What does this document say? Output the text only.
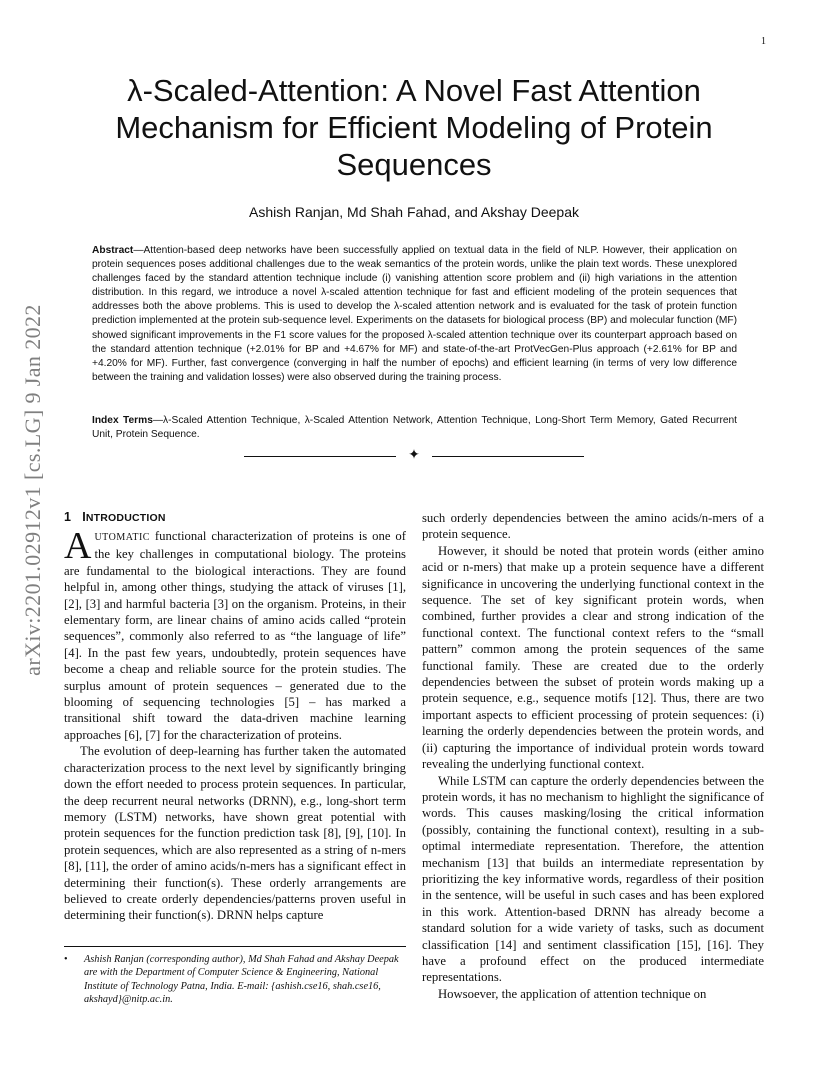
1
arXiv:2201.02912v1 [cs.LG] 9 Jan 2022
λ-Scaled-Attention: A Novel Fast Attention Mechanism for Efficient Modeling of Protein Sequences
Ashish Ranjan, Md Shah Fahad, and Akshay Deepak

Abstract—Attention-based deep networks have been successfully applied on textual data in the field of NLP. However, their application on protein sequences poses additional challenges due to the weak semantics of the protein words, unlike the plain text words. These unexplored challenges faced by the standard attention technique include (i) vanishing attention score problem and (ii) high variations in the attention distribution. In this regard, we introduce a novel λ-scaled attention technique for fast and efficient modeling of the protein sequences that addresses both the above problems. This is used to develop the λ-scaled attention network and is evaluated for the task of protein function prediction implemented at the protein sub-sequence level. Experiments on the datasets for biological process (BP) and molecular function (MF) showed significant improvements in the F1 score values for the proposed λ-scaled attention technique over its counterpart approach based on the standard attention technique (+2.01% for BP and +4.67% for MF) and state-of-the-art ProtVecGen-Plus approach (+2.61% for BP and +4.20% for MF). Further, fast convergence (converging in half the number of epochs) and efficient learning (in terms of very low difference between the training and validation losses) were also observed during the training process.

Index Terms—λ-Scaled Attention Technique, λ-Scaled Attention Network, Attention Technique, Long-Short Term Memory, Gated Recurrent Unit, Protein Sequence.

✦
1 INTRODUCTION

AUTOMATIC functional characterization of proteins is one of the key challenges in computational biology. The proteins are fundamental to the biological interactions. They are found helpful in, among other things, studying the attack of viruses [1], [2], [3] and harmful bacteria [3] on the organism. Proteins, in their elementary form, are linear chains of amino acids called “protein sequences”, commonly also referred to as “the language of life” [4]. In the past few years, undoubtedly, protein sequences have become a cheap and reliable source for the protein studies. The surplus amount of protein sequences – generated due to the blooming of sequencing technologies [5] – has marked a transitional shift toward the data-driven machine learning approaches [6], [7] for the characterization of proteins.

The evolution of deep-learning has further taken the automated characterization process to the next level by significantly bringing down the effort needed to process protein sequences. In particular, the deep recurrent neural networks (DRNN), e.g., long-short term memory (LSTM) networks, have shown great potential with protein sequences for the function prediction task [8], [9], [10]. In protein sequences, which are also represented as a string of n-mers [8], [11], the order of amino acids/n-mers has a significant effect in determining their function(s). These orderly arrangements are believed to create orderly dependencies/patterns proven useful in determining their function(s). DRNN helps capture

such orderly dependencies between the amino acids/n-mers of a protein sequence.

However, it should be noted that protein words (either amino acid or n-mers) that make up a protein sequence have a different significance in uncovering the underlying functional context in the sequence. The set of key significant protein words, when combined, further provides a clear and strong indication of the functional context. The functional context refers to the “small pattern” common among the protein sequences of the same functional family. These are created due to the orderly dependencies between the subset of protein words making up a protein sequence, e.g., sequence motifs [12]. Thus, there are two important aspects to efficient processing of protein sequences: (i) learning the orderly dependencies between the protein words, and (ii) capturing the importance of individual protein words toward revealing the underlying functional context.

While LSTM can capture the orderly dependencies between the protein words, it has no mechanism to highlight the significance of words. This causes masking/losing the critical information (possibly, containing the functional context), resulting in a sub-optimal intermediate representation. Therefore, the attention mechanism [13] that builds an intermediate representation by prioritizing the key informative words, regardless of their position in the sentence, will be useful in such cases and has been explored in this work. Attention-based DRNN has already become a standard solution for a wide variety of tasks, such as document classification [14] and sentiment classification [15], [16]. They have a profound effect on the produced intermediate representations.

Howsoever, the application of attention technique on

• Ashish Ranjan (corresponding author), Md Shah Fahad and Akshay Deepak are with the Department of Computer Science & Engineering, National Institute of Technology Patna, India. E-mail: {ashish.cse16, shah.cse16, akshayd}@nitp.ac.in.
